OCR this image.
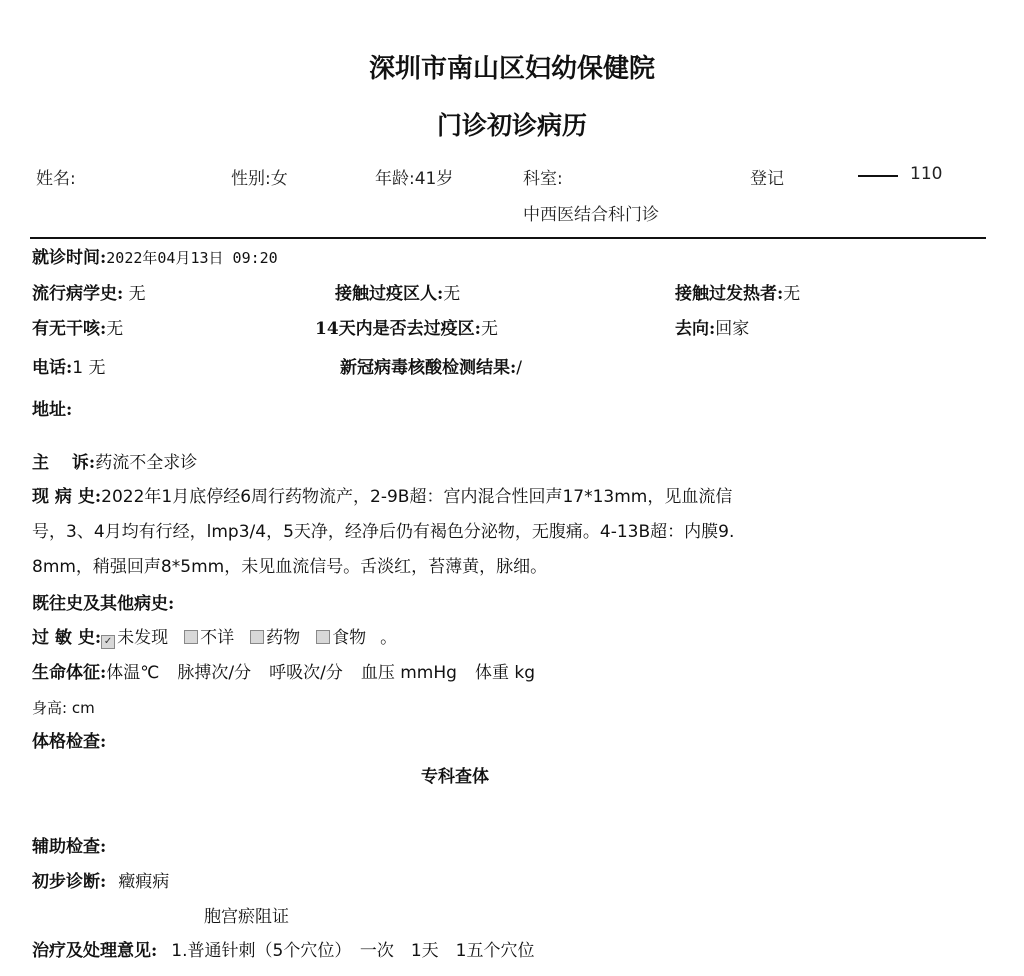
深圳市南山区妇幼保健院
门诊初诊病历
姓名:	性别:女	年龄:41岁	科室:
中西医结合科门诊
登记	110
就诊时间:2022年04月13日 09:20
流行病学史: 无	接触过疫区人:无	接触过发热者:无
有无干咳:无	14天内是否去过疫区:无	去向:回家
电话:1 无	新冠病毒核酸检测结果:/
地址:
主　 诉:药流不全求诊
现 病 史:2022年1月底停经6周行药物流产，2-9B超：宫内混合性回声17*13mm，见血流信
号，3、4月均有行经，lmp3/4，5天净，经净后仍有褐色分泌物，无腹痛。4-13B超：内膜9.
8mm，稍强回声8*5mm，未见血流信号。舌淡红，苔薄黄，脉细。
既往史及其他病史:
过 敏 史: ✓ 未发现 不详 药物 食物 。
生命体征:体温℃ 脉搏次/分 呼吸次/分 血压 mmHg 体重 kg
身高: cm
体格检查:
专科查体
辅助检查:
初步诊断: 癥瘕病
胞宫瘀阻证
治疗及处理意见: 1.普通针刺（5个穴位）　一次　1天　1五个穴位
